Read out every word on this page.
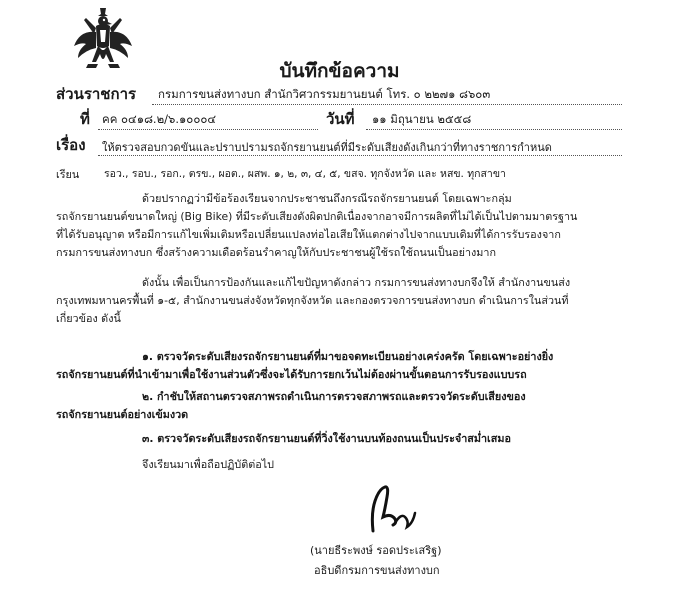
บันทึกข้อความ
ส่วนราชการ กรมการขนส่งทางบก สำนักวิศวกรรมยานยนต์ โทร. ๐ ๒๒๗๑ ๘๖๐๓
ที่ คค ๐๔๑๘.๒/๖.๑๐๐๐๔	วันที่ ๑๑ มิถุนายน ๒๕๕๘
เรื่อง ให้ตรวจสอบกวดขันและปราบปรามรถจักรยานยนต์ที่มีระดับเสียงดังเกินกว่าที่ทางราชการกำหนด
เรียน รอว., รอบ., รอก., ตรข., ผอต., ผสพ. ๑, ๒, ๓, ๔, ๕, ขสจ. ทุกจังหวัด และ หสข. ทุกสาขา
ด้วยปรากฏว่ามีข้อร้องเรียนจากประชาชนถึงกรณีรถจักรยานยนต์ โดยเฉพาะกลุ่ม
รถจักรยานยนต์ขนาดใหญ่ (Big Bike) ที่มีระดับเสียงดังผิดปกติเนื่องจากอาจมีการผลิตที่ไม่ได้เป็นไปตามมาตรฐาน
ที่ได้รับอนุญาต หรือมีการแก้ไขเพิ่มเติมหรือเปลี่ยนแปลงท่อไอเสียให้แตกต่างไปจากแบบเดิมที่ได้การรับรองจาก
กรมการขนส่งทางบก ซึ่งสร้างความเดือดร้อนรำคาญให้กับประชาชนผู้ใช้รถใช้ถนนเป็นอย่างมาก
ดังนั้น เพื่อเป็นการป้องกันและแก้ไขปัญหาดังกล่าว กรมการขนส่งทางบกจึงให้ สำนักงานขนส่ง
กรุงเทพมหานครพื้นที่ ๑-๕, สำนักงานขนส่งจังหวัดทุกจังหวัด และกองตรวจการขนส่งทางบก ดำเนินการในส่วนที่
เกี่ยวข้อง ดังนี้
๑. ตรวจวัดระดับเสียงรถจักรยานยนต์ที่มาขอจดทะเบียนอย่างเคร่งครัด โดยเฉพาะอย่างยิ่ง
รถจักรยานยนต์ที่นำเข้ามาเพื่อใช้งานส่วนตัวซึ่งจะได้รับการยกเว้นไม่ต้องผ่านขั้นตอนการรับรองแบบรถ
๒. กำชับให้สถานตรวจสภาพรถดำเนินการตรวจสภาพรถและตรวจวัดระดับเสียงของ
รถจักรยานยนต์อย่างเข้มงวด
๓. ตรวจวัดระดับเสียงรถจักรยานยนต์ที่วิ่งใช้งานบนท้องถนนเป็นประจำสม่ำเสมอ
จึงเรียนมาเพื่อถือปฏิบัติต่อไป
(นายธีระพงษ์ รอดประเสริฐ)
อธิบดีกรมการขนส่งทางบก
